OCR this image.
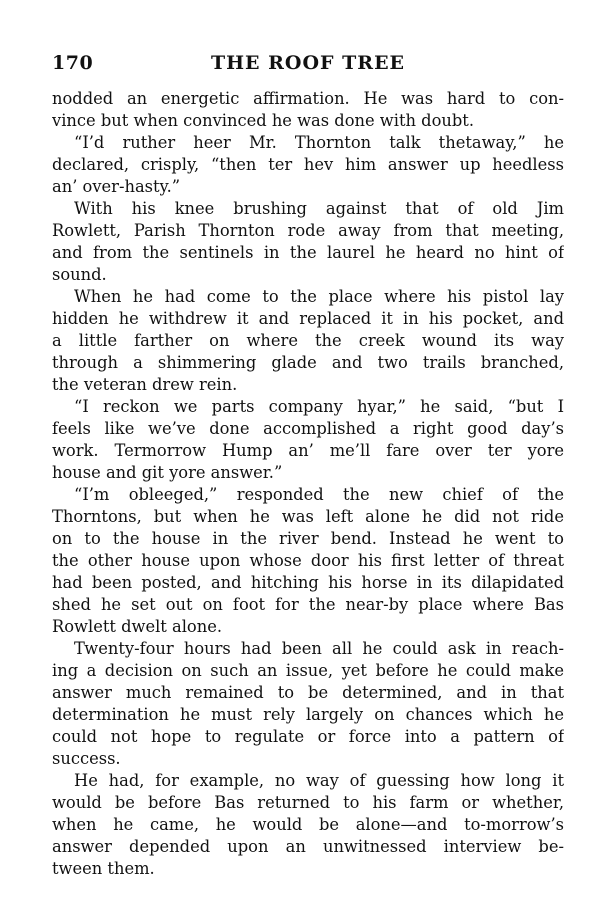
170	THE ROOF TREE
nodded an energetic affirmation. He was hard to con-
vince but when convinced he was done with doubt.
“I’d ruther heer Mr. Thornton talk thetaway,” he
declared, crisply, “then ter hev him answer up heedless
an’ over-hasty.”
With his knee brushing against that of old Jim
Rowlett, Parish Thornton rode away from that meeting,
and from the sentinels in the laurel he heard no hint of
sound.
When he had come to the place where his pistol lay
hidden he withdrew it and replaced it in his pocket, and
a little farther on where the creek wound its way
through a shimmering glade and two trails branched,
the veteran drew rein.
“I reckon we parts company hyar,” he said, “but I
feels like we’ve done accomplished a right good day’s
work. Termorrow Hump an’ me’ll fare over ter yore
house and git yore answer.”
“I’m obleeged,” responded the new chief of the
Thorntons, but when he was left alone he did not ride
on to the house in the river bend. Instead he went to
the other house upon whose door his first letter of threat
had been posted, and hitching his horse in its dilapidated
shed he set out on foot for the near-by place where Bas
Rowlett dwelt alone.
Twenty-four hours had been all he could ask in reach-
ing a decision on such an issue, yet before he could make
answer much remained to be determined, and in that
determination he must rely largely on chances which he
could not hope to regulate or force into a pattern of
success.
He had, for example, no way of guessing how long it
would be before Bas returned to his farm or whether,
when he came, he would be alone—and to-morrow’s
answer depended upon an unwitnessed interview be-
tween them.
